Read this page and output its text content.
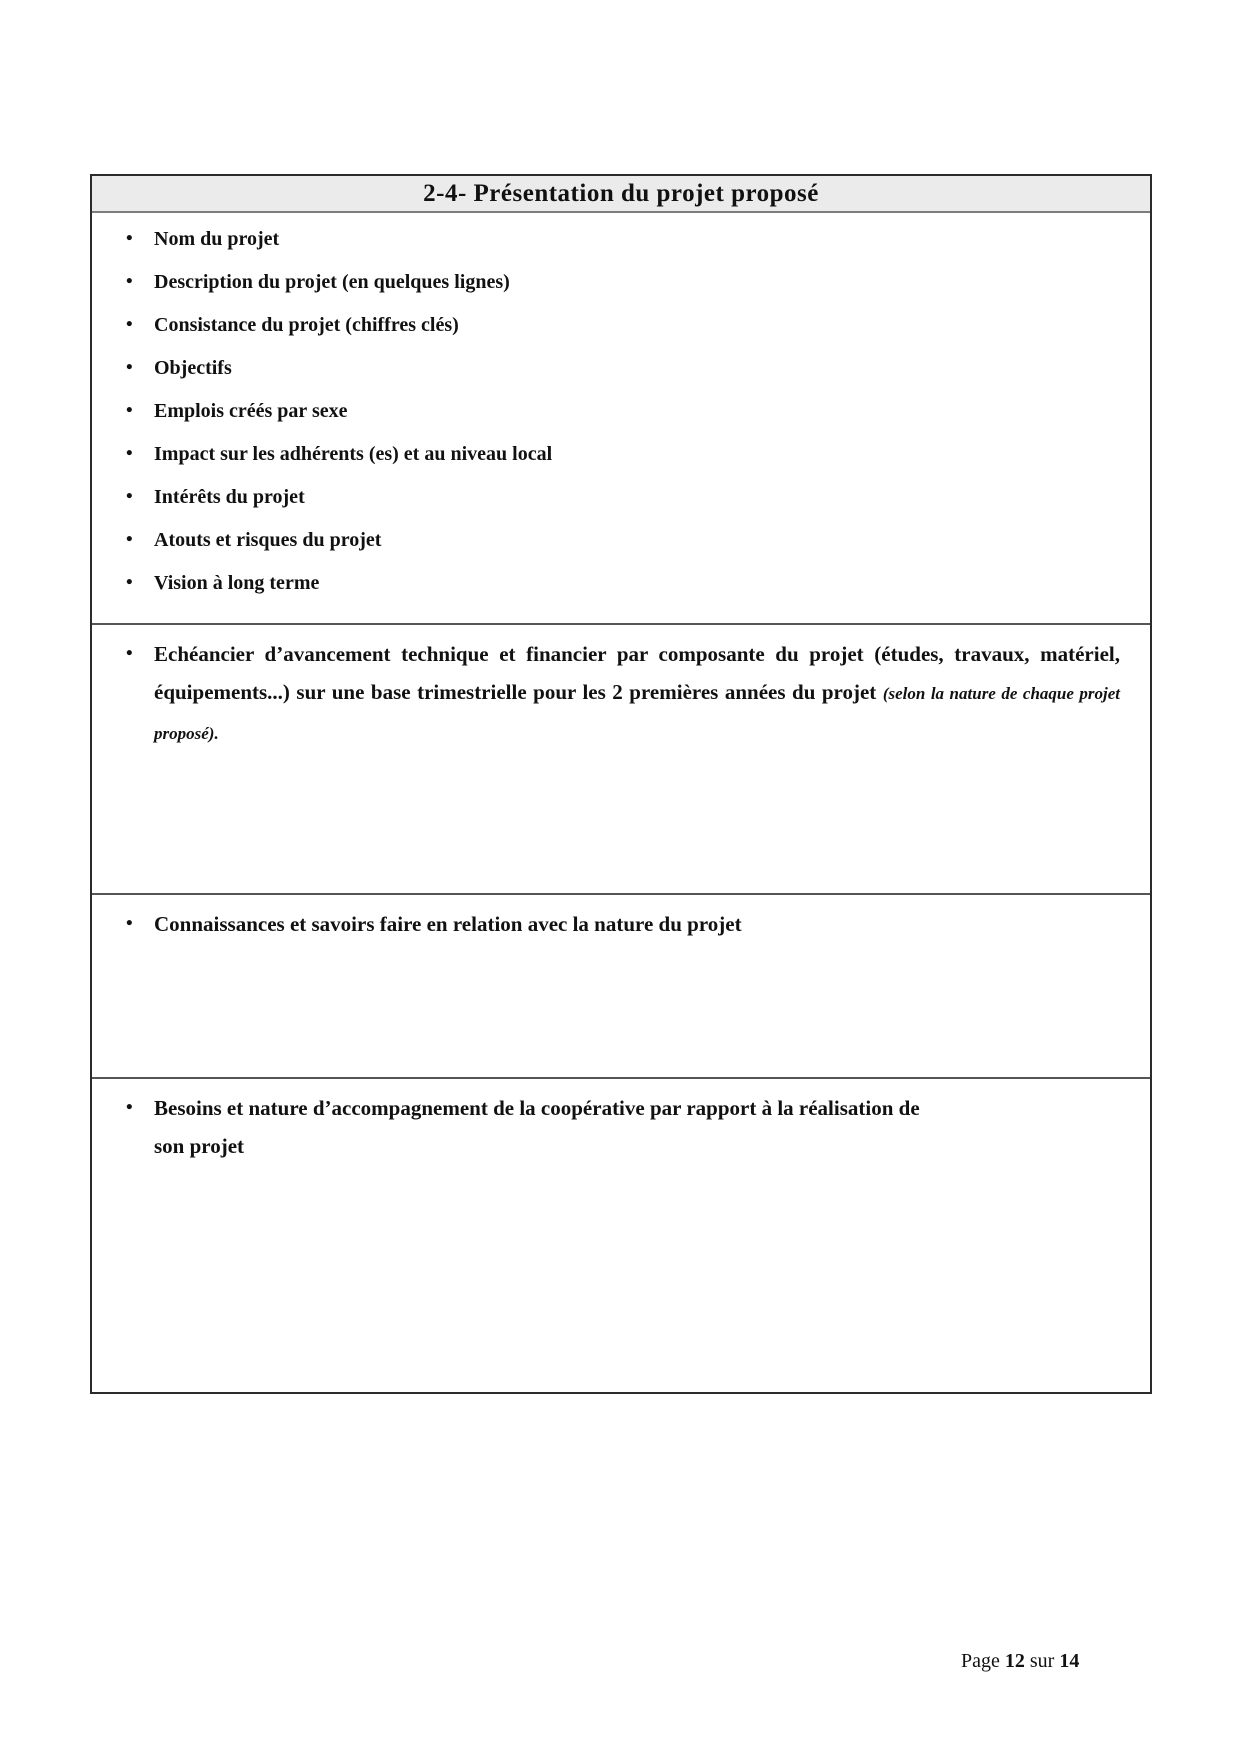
2-4- Présentation du projet proposé
• Nom du projet
• Description du projet (en quelques lignes)
• Consistance du projet (chiffres clés)
• Objectifs
• Emplois créés par sexe
• Impact sur les adhérents (es) et au niveau local
• Intérêts du projet
• Atouts et risques du projet
• Vision à long terme
• Echéancier d’avancement technique et financier par composante du projet (études, travaux, matériel, équipements...) sur une base trimestrielle pour les 2 premières années du projet (selon la nature de chaque projet proposé).
• Connaissances et savoirs faire en relation avec la nature du projet
• Besoins et nature d’accompagnement de la coopérative par rapport à la réalisation de son projet
Page 12 sur 14
